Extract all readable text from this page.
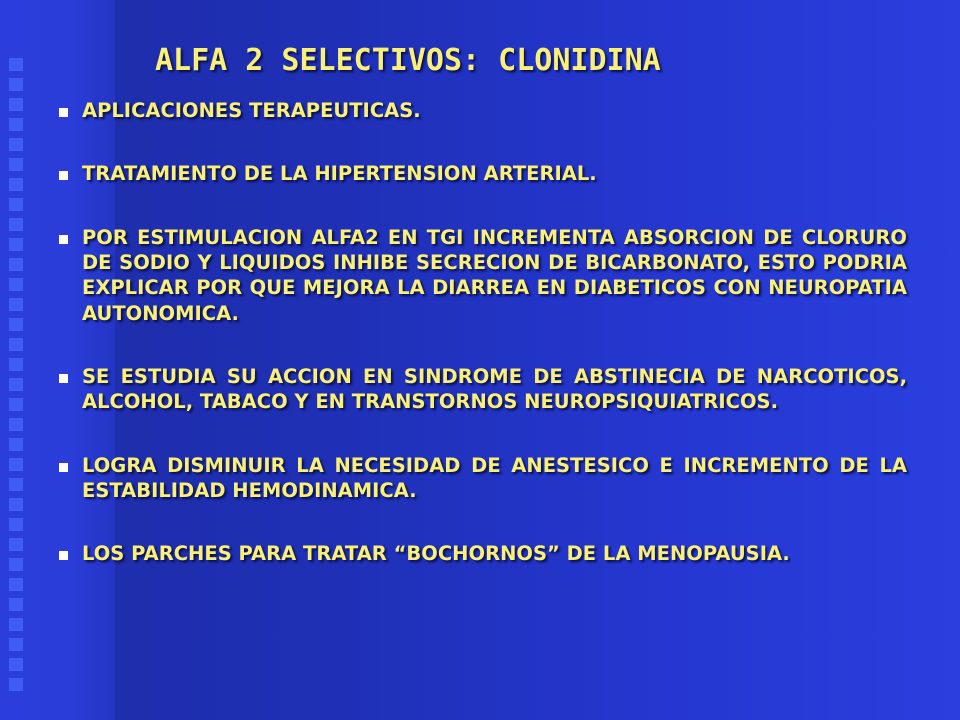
ALFA 2 SELECTIVOS: CLONIDINA
APLICACIONES TERAPEUTICAS.
TRATAMIENTO DE LA HIPERTENSION ARTERIAL.
POR ESTIMULACION ALFA2 EN TGI INCREMENTA ABSORCION DE CLORURO DE SODIO Y LIQUIDOS INHIBE SECRECION DE BICARBONATO, ESTO PODRIA EXPLICAR POR QUE MEJORA LA DIARREA EN DIABETICOS CON NEUROPATIA AUTONOMICA.
SE ESTUDIA SU ACCION EN SINDROME DE ABSTINECIA DE NARCOTICOS, ALCOHOL, TABACO Y EN TRANSTORNOS NEUROPSIQUIATRICOS.
LOGRA DISMINUIR LA NECESIDAD DE ANESTESICO E INCREMENTO DE LA ESTABILIDAD HEMODINAMICA.
LOS PARCHES PARA TRATAR “BOCHORNOS” DE LA MENOPAUSIA.
